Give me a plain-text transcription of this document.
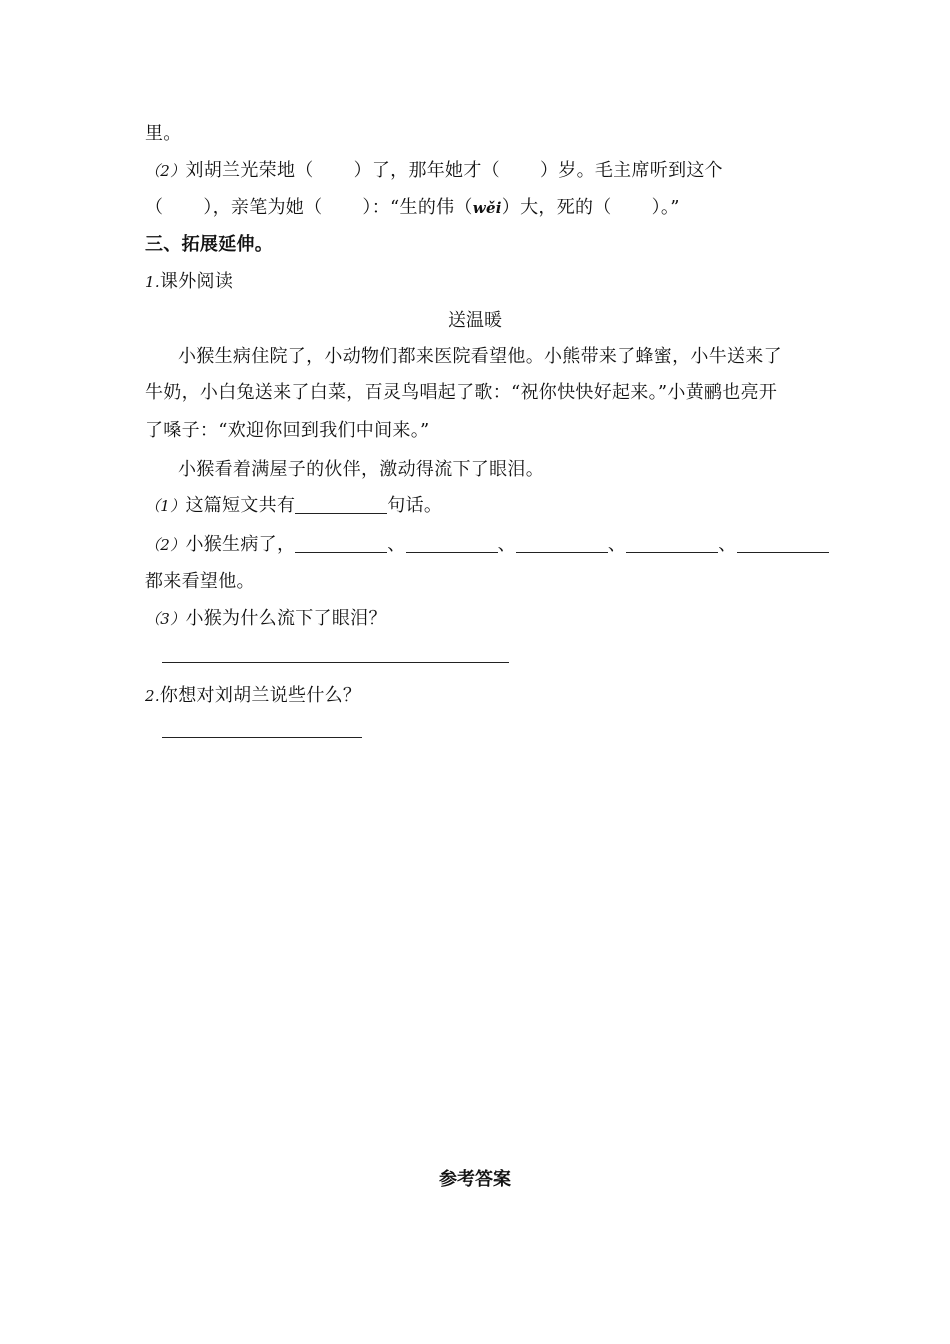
里。
（2）刘胡兰光荣地（ ）了，那年她才（ ）岁。毛主席听到这个
（ ），亲笔为她（ ）：“生的伟（wěi）大，死的（ ）。”
三、拓展延伸。
1.课外阅读
送温暖
小猴生病住院了，小动物们都来医院看望他。小熊带来了蜂蜜，小牛送来了
牛奶，小白兔送来了白菜，百灵鸟唱起了歌：“祝你快快好起来。”小黄鹂也亮开
了嗓子：“欢迎你回到我们中间来。”
小猴看着满屋子的伙伴，激动得流下了眼泪。
（1）这篇短文共有	句话。
（2）小猴生病了，	、	、	、	、
都来看望他。
（3）小猴为什么流下了眼泪？
2.你想对刘胡兰说些什么？
参考答案
